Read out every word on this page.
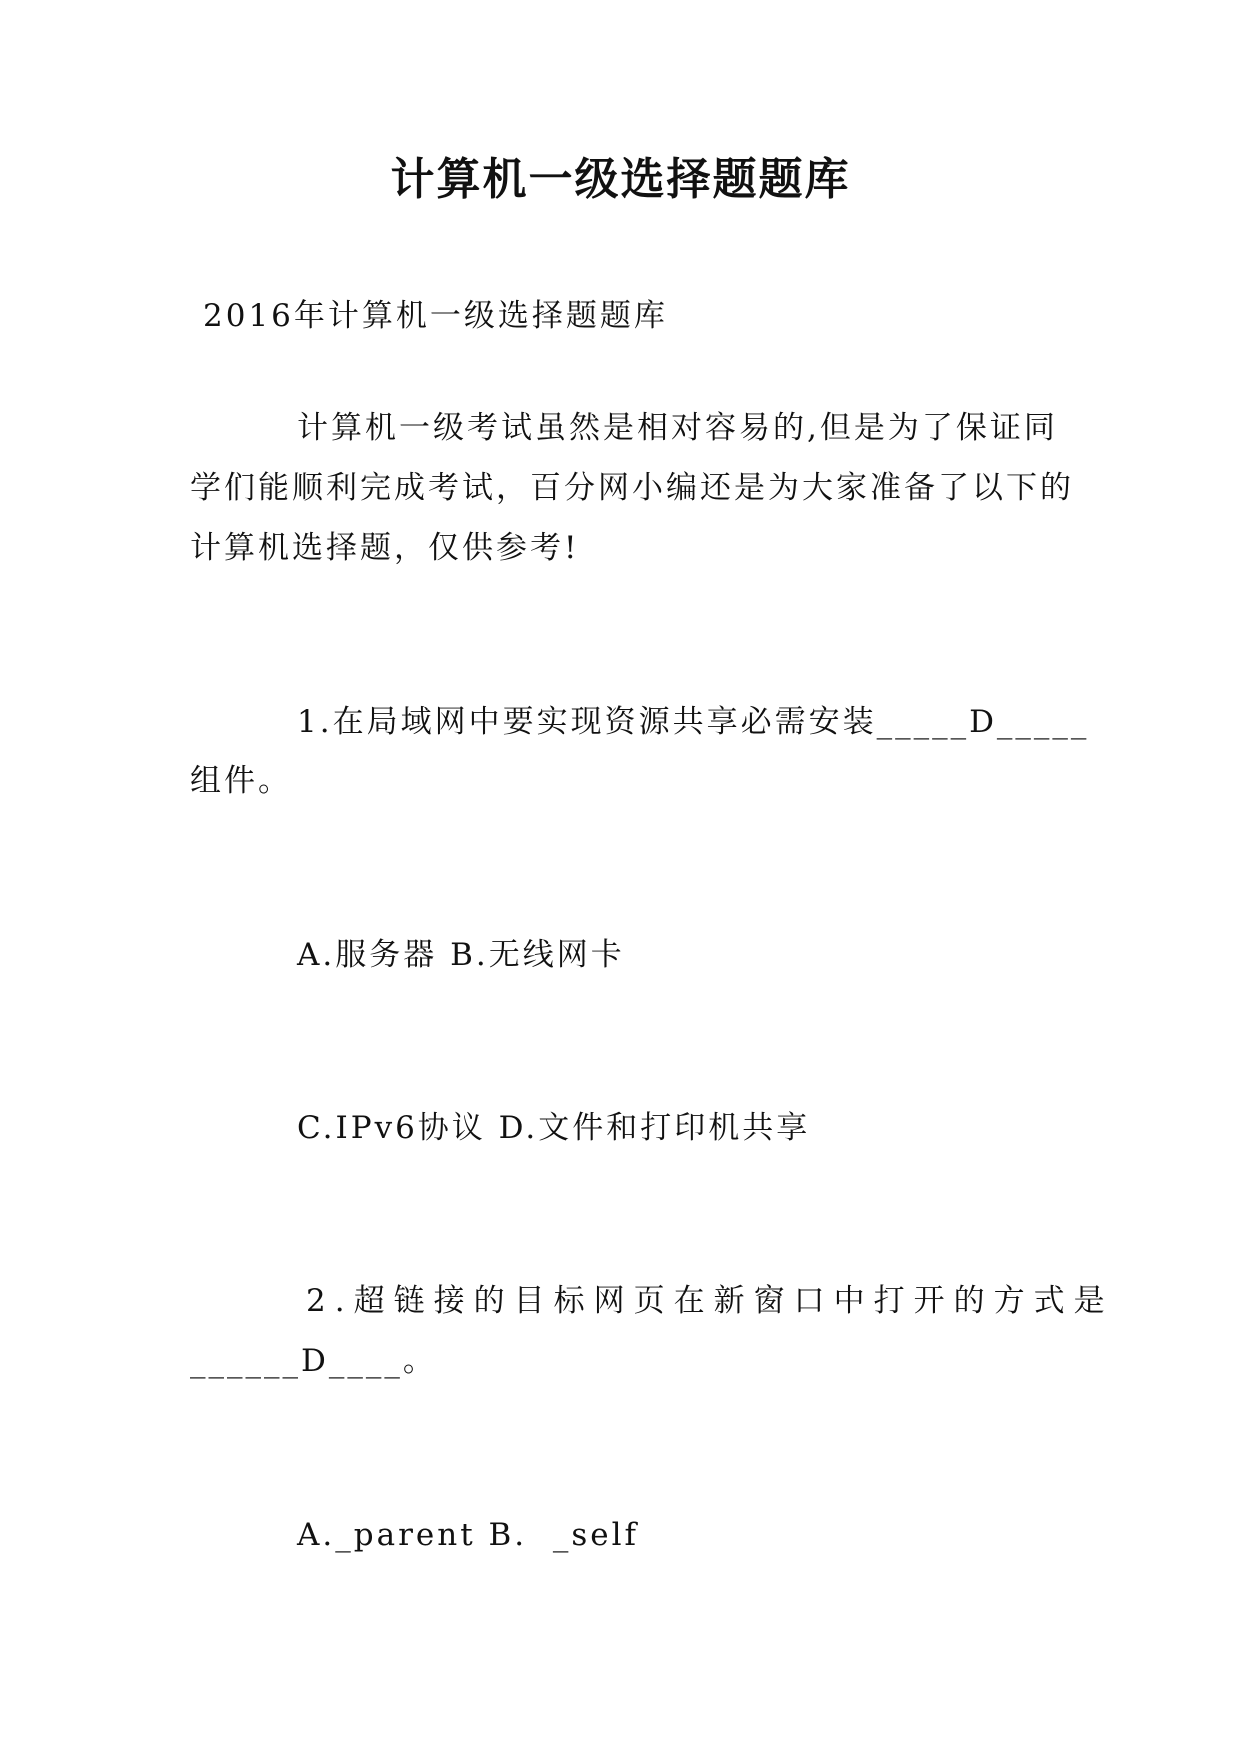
计算机一级选择题题库

2016年计算机一级选择题题库

计算机一级考试虽然是相对容易的,但是为了保证同

学们能顺利完成考试，百分网小编还是为大家准备了以下的

计算机选择题，仅供参考!

1.在局域网中要实现资源共享必需安装_____D_____

组件。

A.服务器 B.无线网卡

C.IPv6协议 D.文件和打印机共享

2.超链接的目标网页在新窗口中打开的方式是

______D____。

A._parent B.  _self
